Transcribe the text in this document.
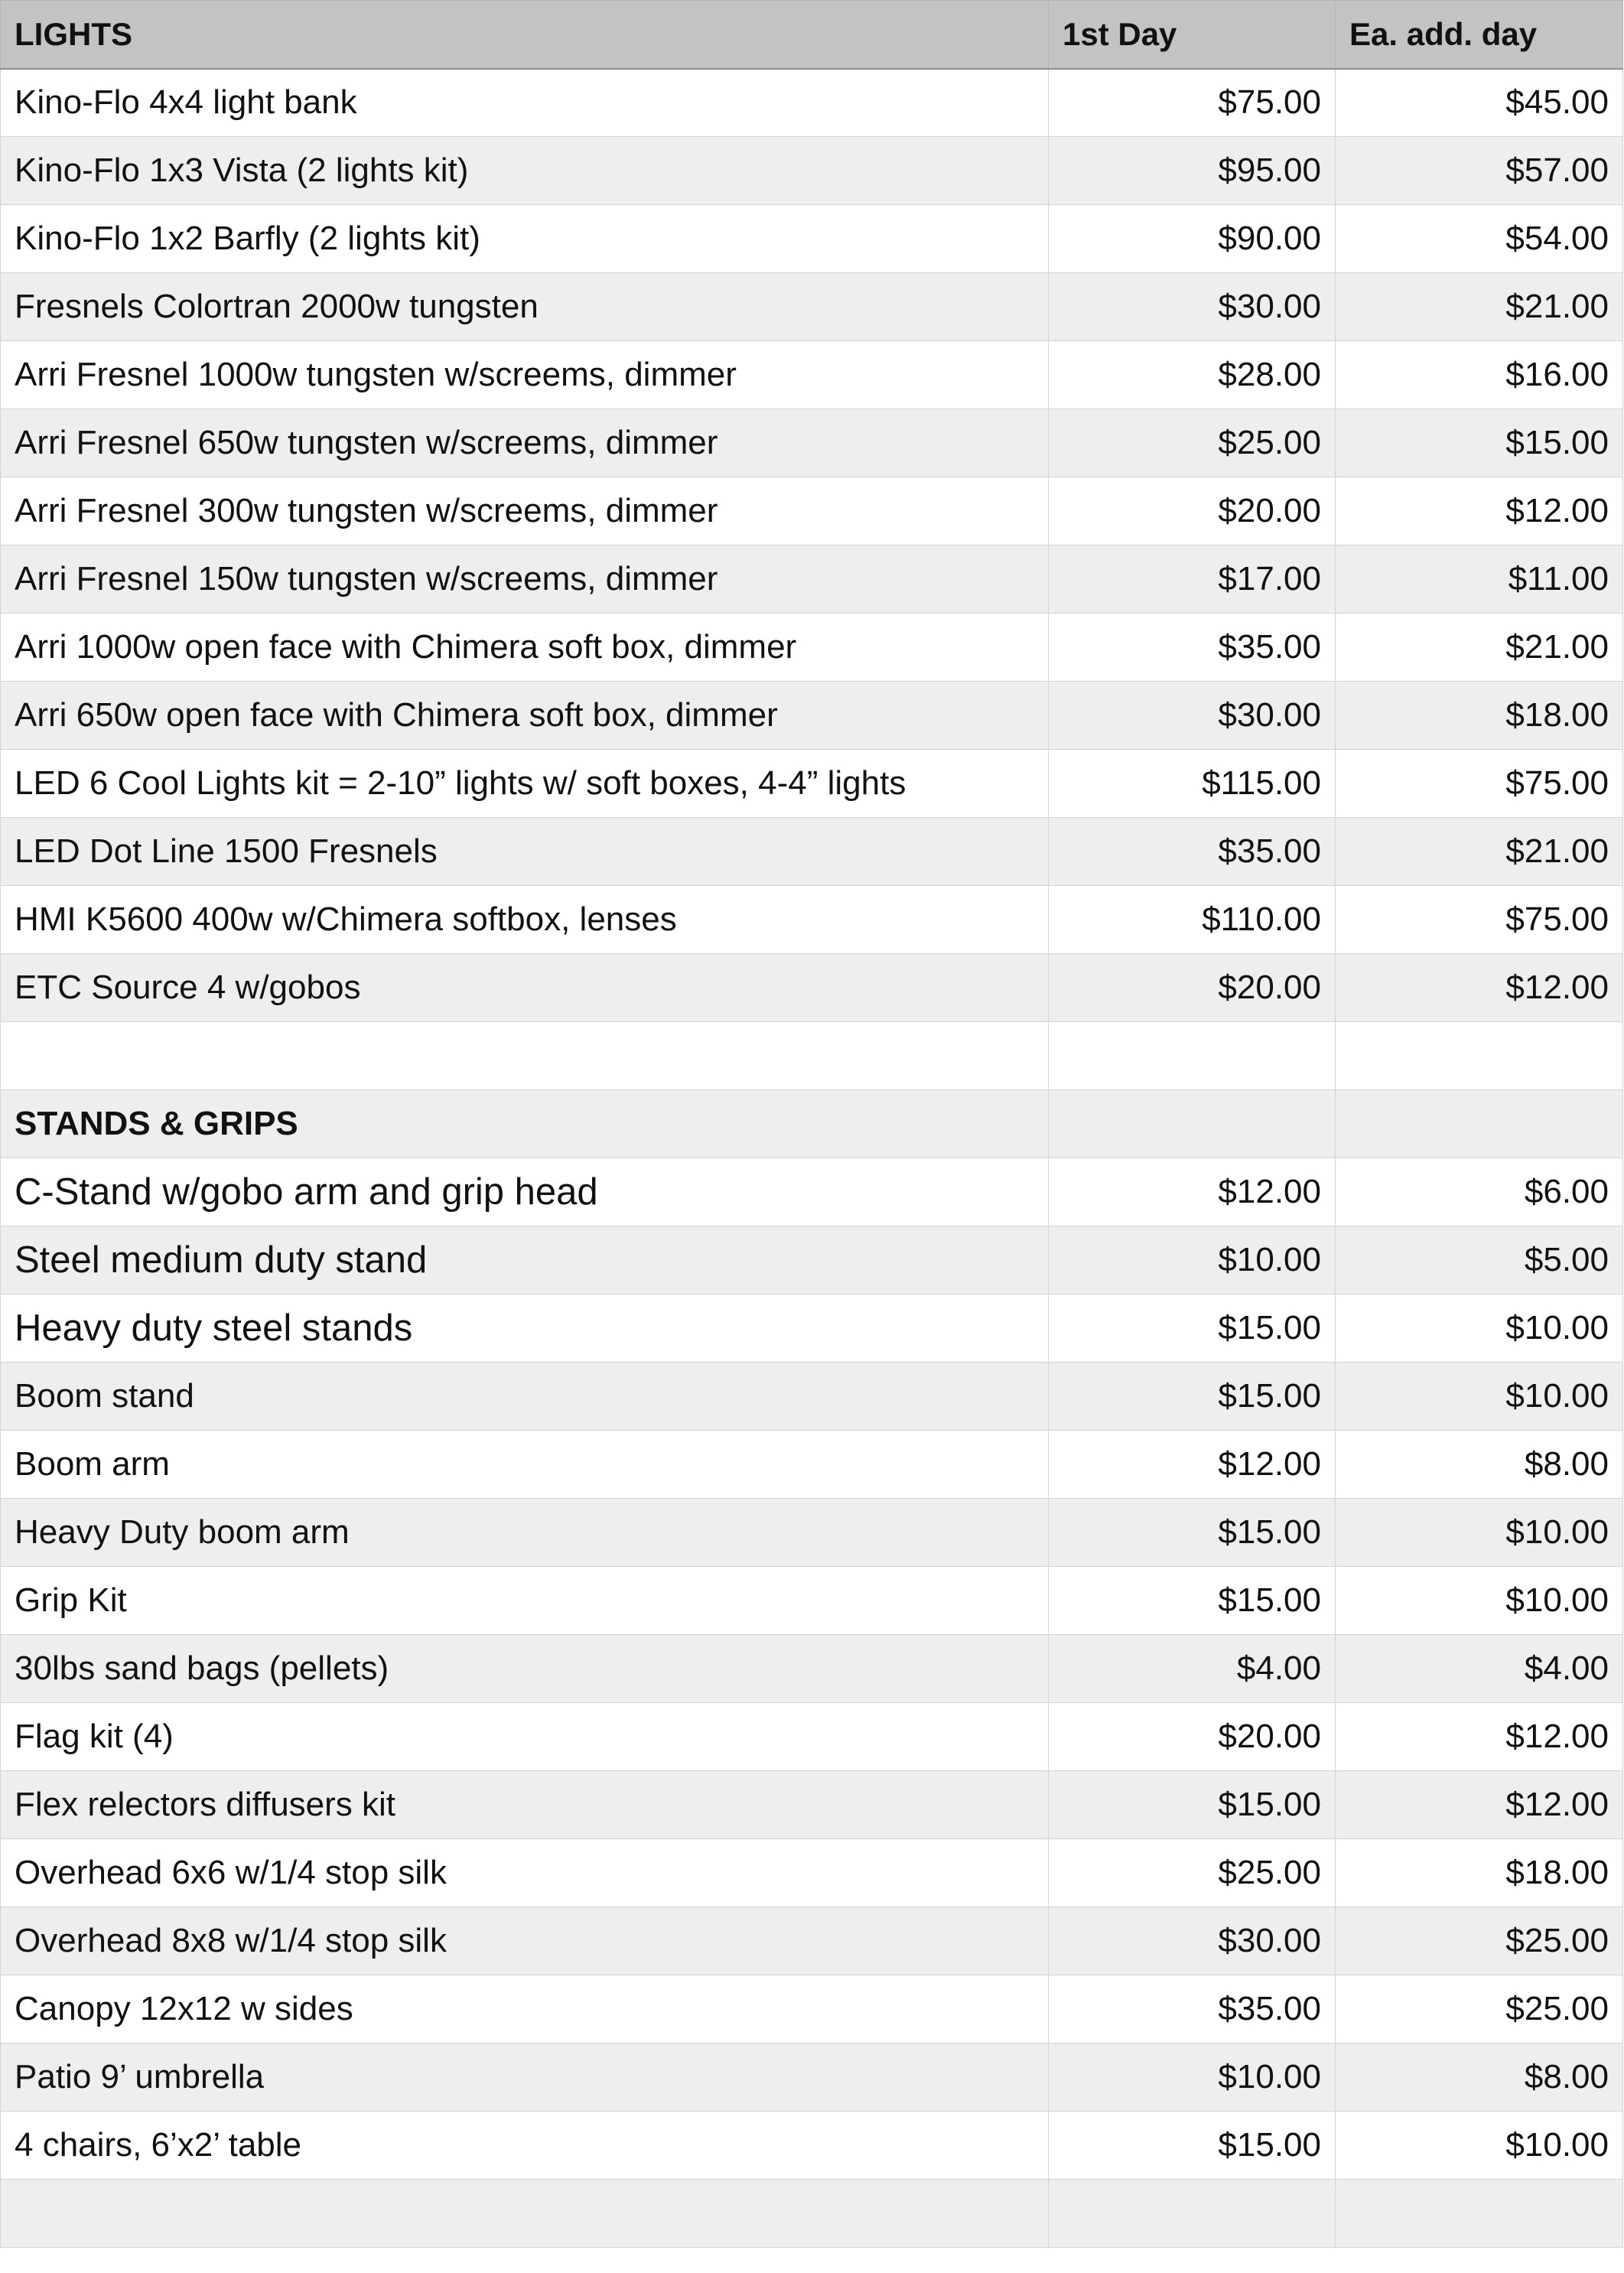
LIGHTS	1st Day	Ea. add. day
Kino-Flo 4x4 light bank	$75.00	$45.00
Kino-Flo 1x3 Vista (2 lights kit)	$95.00	$57.00
Kino-Flo 1x2 Barfly (2 lights kit)	$90.00	$54.00
Fresnels Colortran 2000w tungsten	$30.00	$21.00
Arri Fresnel 1000w tungsten w/screems, dimmer	$28.00	$16.00
Arri Fresnel 650w tungsten w/screems, dimmer	$25.00	$15.00
Arri Fresnel 300w tungsten w/screems, dimmer	$20.00	$12.00
Arri Fresnel 150w tungsten w/screems, dimmer	$17.00	$11.00
Arri 1000w open face with Chimera soft box, dimmer	$35.00	$21.00
Arri 650w open face with Chimera soft box, dimmer	$30.00	$18.00
LED 6 Cool Lights kit = 2-10” lights w/ soft boxes, 4-4” lights	$115.00	$75.00
LED Dot Line 1500 Fresnels	$35.00	$21.00
HMI K5600 400w w/Chimera softbox, lenses	$110.00	$75.00
ETC Source 4 w/gobos	$20.00	$12.00

STANDS & GRIPS		
C-Stand w/gobo arm and grip head	$12.00	$6.00
Steel medium duty stand	$10.00	$5.00
Heavy duty steel stands	$15.00	$10.00
Boom stand	$15.00	$10.00
Boom arm	$12.00	$8.00
Heavy Duty boom arm	$15.00	$10.00
Grip Kit	$15.00	$10.00
30lbs sand bags (pellets)	$4.00	$4.00
Flag kit (4)	$20.00	$12.00
Flex relectors diffusers kit	$15.00	$12.00
Overhead 6x6 w/1/4 stop silk	$25.00	$18.00
Overhead 8x8 w/1/4 stop silk	$30.00	$25.00
Canopy 12x12 w sides	$35.00	$25.00
Patio 9’ umbrella	$10.00	$8.00
4 chairs, 6’x2’ table	$15.00	$10.00
